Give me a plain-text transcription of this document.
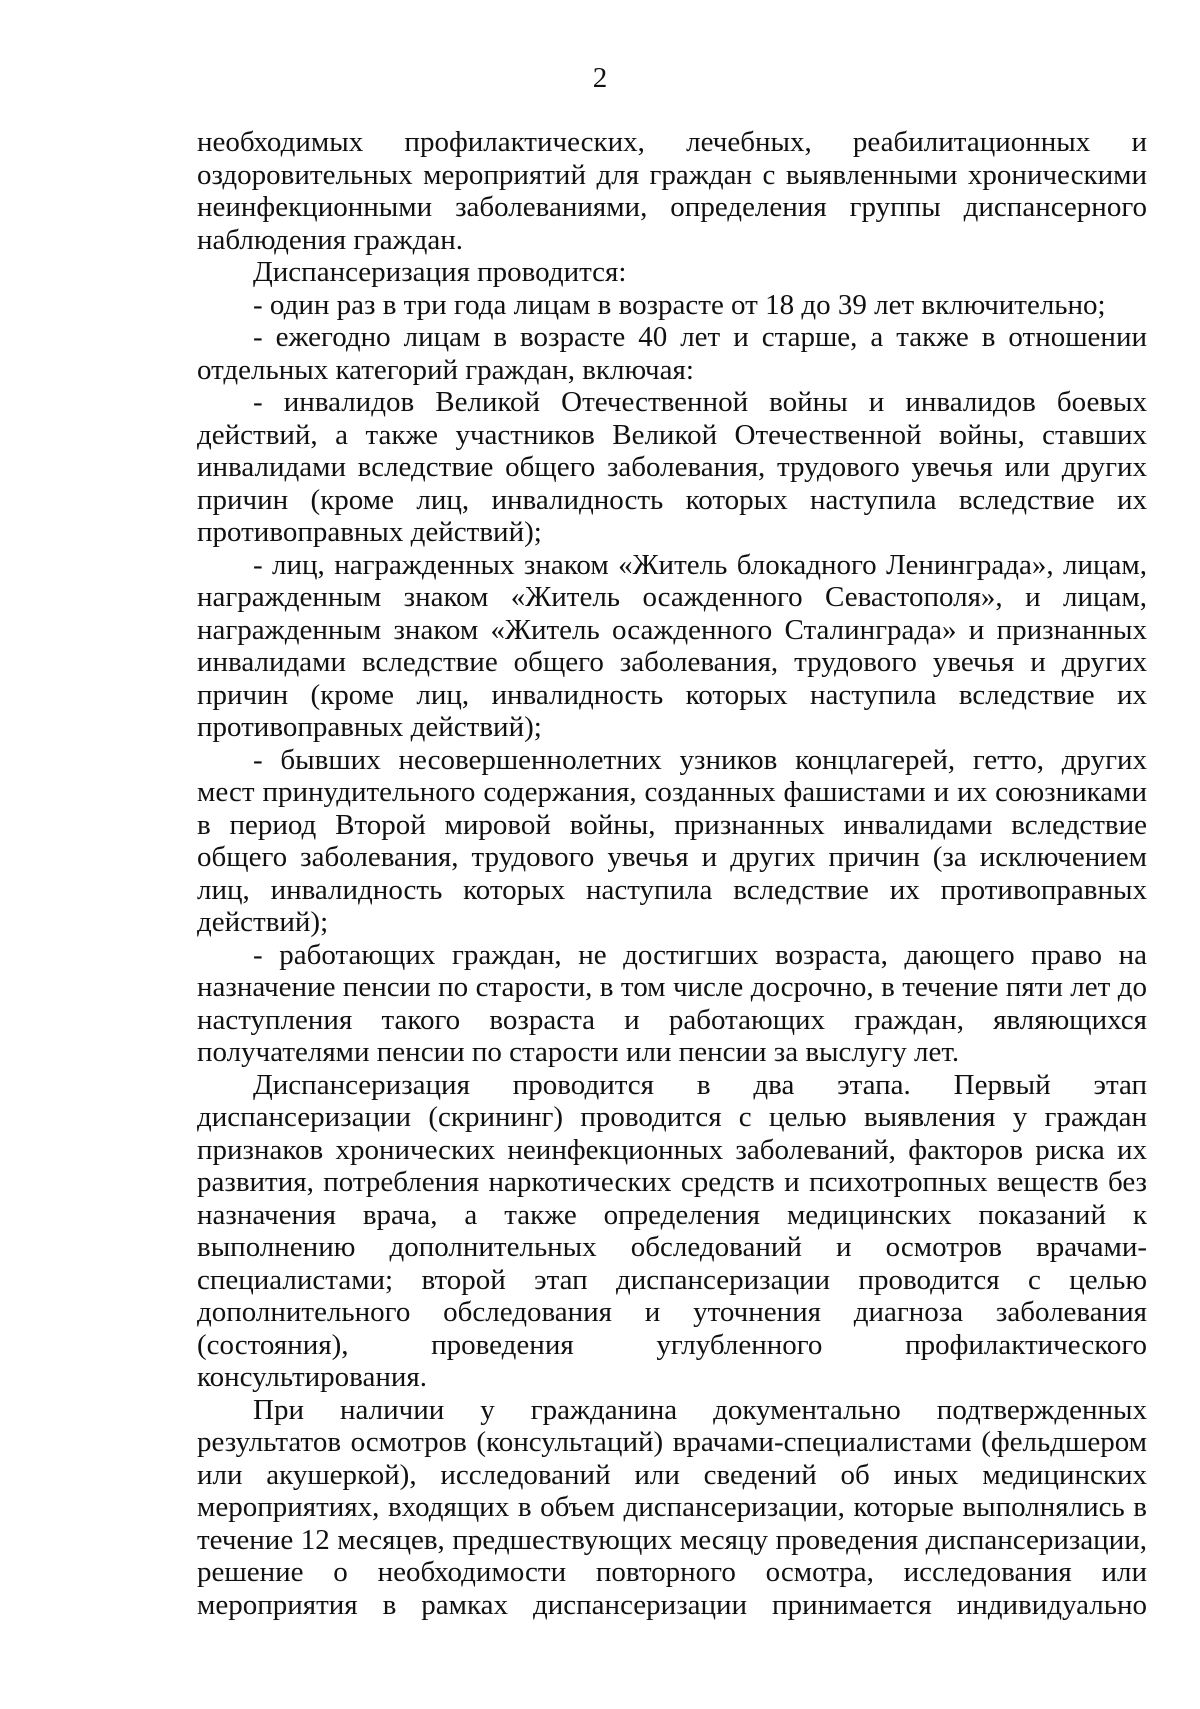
2

необходимых профилактических, лечебных, реабилитационных и оздоровительных мероприятий для граждан с выявленными хроническими неинфекционными заболеваниями, определения группы диспансерного наблюдения граждан.

Диспансеризация проводится:

- один раз в три года лицам в возрасте от 18 до 39 лет включительно;

- ежегодно лицам в возрасте 40 лет и старше, а также в отношении отдельных категорий граждан, включая:

- инвалидов Великой Отечественной войны и инвалидов боевых действий, а также участников Великой Отечественной войны, ставших инвалидами вследствие общего заболевания, трудового увечья или других причин (кроме лиц, инвалидность которых наступила вследствие их противоправных действий);

- лиц, награжденных знаком «Житель блокадного Ленинграда», лицам, награжденным знаком «Житель осажденного Севастополя», и лицам, награжденным знаком «Житель осажденного Сталинграда» и признанных инвалидами вследствие общего заболевания, трудового увечья и других причин (кроме лиц, инвалидность которых наступила вследствие их противоправных действий);

- бывших несовершеннолетних узников концлагерей, гетто, других мест принудительного содержания, созданных фашистами и их союзниками в период Второй мировой войны, признанных инвалидами вследствие общего заболевания, трудового увечья и других причин (за исключением лиц, инвалидность которых наступила вследствие их противоправных действий);

- работающих граждан, не достигших возраста, дающего право на назначение пенсии по старости, в том числе досрочно, в течение пяти лет до наступления такого возраста и работающих граждан, являющихся получателями пенсии по старости или пенсии за выслугу лет.

Диспансеризация проводится в два этапа. Первый этап диспансеризации (скрининг) проводится с целью выявления у граждан признаков хронических неинфекционных заболеваний, факторов риска их развития, потребления наркотических средств и психотропных веществ без назначения врача, а также определения медицинских показаний к выполнению дополнительных обследований и осмотров врачами-специалистами; второй этап диспансеризации проводится с целью дополнительного обследования и уточнения диагноза заболевания (состояния), проведения углубленного профилактического консультирования.

При наличии у гражданина документально подтвержденных результатов осмотров (консультаций) врачами-специалистами (фельдшером или акушеркой), исследований или сведений об иных медицинских мероприятиях, входящих в объем диспансеризации, которые выполнялись в течение 12 месяцев, предшествующих месяцу проведения диспансеризации, решение о необходимости повторного осмотра, исследования или мероприятия в рамках диспансеризации принимается индивидуально
